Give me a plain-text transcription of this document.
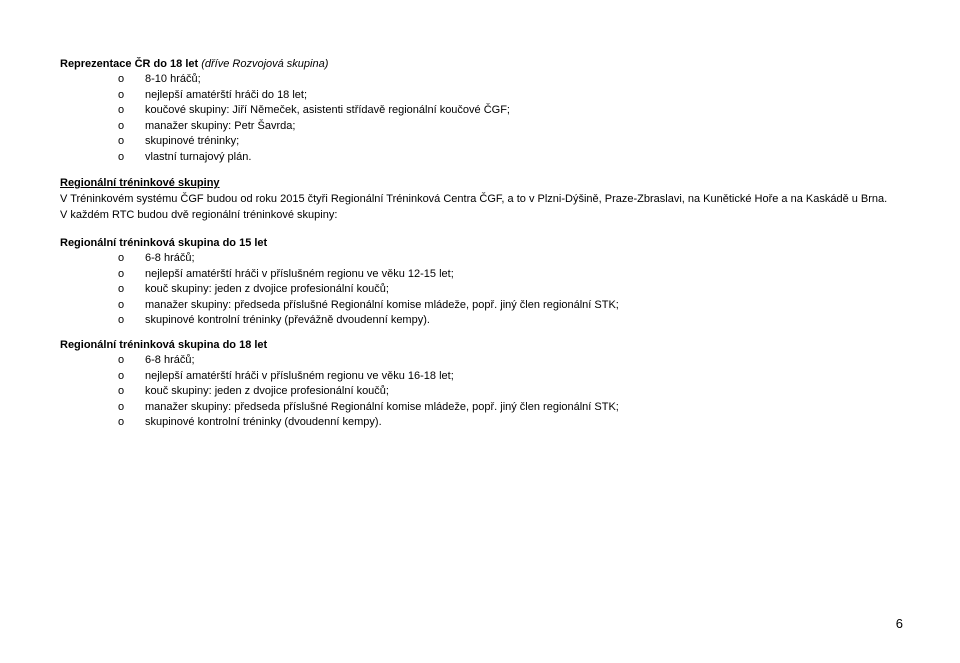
Reprezentace ČR do 18 let (dříve Rozvojová skupina)
o 8-10 hráčů;
o nejlepší amatérští hráči do 18 let;
o koučové skupiny: Jiří Němeček, asistenti střídavě regionální koučové ČGF;
o manažer skupiny: Petr Šavrda;
o skupinové tréninky;
o vlastní turnajový plán.
Regionální tréninkové skupiny
V Tréninkovém systému ČGF budou od roku 2015 čtyři Regionální Tréninková Centra ČGF, a to v Plzni-Dýšině, Praze-Zbraslavi, na Kunětické Hoře a na Kaskádě u Brna.
V každém RTC budou dvě regionální tréninkové skupiny:
Regionální tréninková skupina do 15 let
o 6-8 hráčů;
o nejlepší amatérští hráči v příslušném regionu ve věku 12-15 let;
o kouč skupiny: jeden z dvojice profesionální koučů;
o manažer skupiny: předseda příslušné Regionální komise mládeže, popř. jiný člen regionální STK;
o skupinové kontrolní tréninky (převážně dvoudenní kempy).
Regionální tréninková skupina do 18 let
o 6-8 hráčů;
o nejlepší amatérští hráči v příslušném regionu ve věku 16-18 let;
o kouč skupiny: jeden z dvojice profesionální koučů;
o manažer skupiny: předseda příslušné Regionální komise mládeže, popř. jiný člen regionální STK;
o skupinové kontrolní tréninky (dvoudenní kempy).
6
